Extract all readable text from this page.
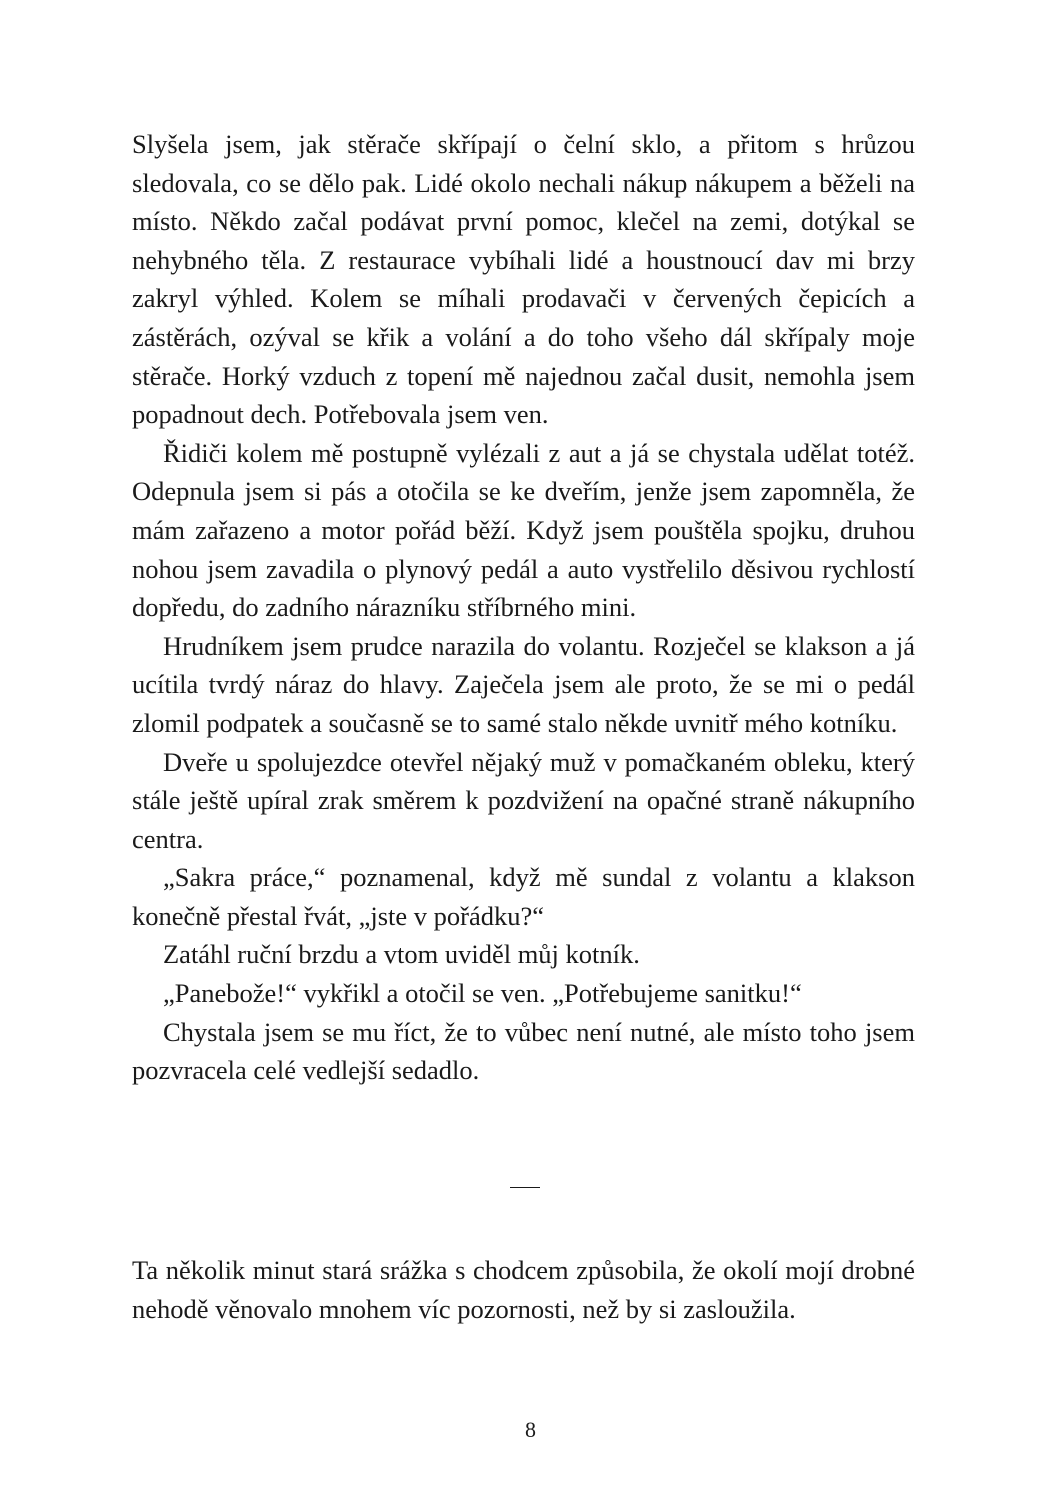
Slyšela jsem, jak stěrače skřípají o čelní sklo, a přitom s hrůzou sledovala, co se dělo pak. Lidé okolo nechali nákup nákupem a běželi na místo. Někdo začal podávat první pomoc, klečel na zemi, dotýkal se nehybného těla. Z restaurace vybíhali lidé a houstnoucí dav mi brzy zakryl výhled. Kolem se míhali prodavači v červených čepicích a zástěrách, ozýval se křik a volání a do toho všeho dál skřípaly moje stěrače. Horký vzduch z topení mě najednou začal dusit, nemohla jsem popadnout dech. Potřebovala jsem ven.

Řidiči kolem mě postupně vylézali z aut a já se chystala udělat totéž. Odepnula jsem si pás a otočila se ke dveřím, jenže jsem zapomněla, že mám zařazeno a motor pořád běží. Když jsem pouštěla spojku, druhou nohou jsem zavadila o plynový pedál a auto vystřelilo děsivou rychlostí dopředu, do zadního nárazníku stříbrného mini.

Hrudníkem jsem prudce narazila do volantu. Rozječel se klakson a já ucítila tvrdý náraz do hlavy. Zaječela jsem ale proto, že se mi o pedál zlomil podpatek a současně se to samé stalo někde uvnitř mého kotníku.

Dveře u spolujezdce otevřel nějaký muž v pomačkaném obleku, který stále ještě upíral zrak směrem k pozdvižení na opačné straně nákupního centra.

„Sakra práce,“ poznamenal, když mě sundal z volantu a klakson konečně přestal řvát, „jste v pořádku?“

Zatáhl ruční brzdu a vtom uviděl můj kotník.

„Panebože!“ vykřikl a otočil se ven. „Potřebujeme sanitku!“

Chystala jsem se mu říct, že to vůbec není nutné, ale místo toho jsem pozvracela celé vedlejší sedadlo.

Ta několik minut stará srážka s chodcem způsobila, že okolí mojí drobné nehodě věnovalo mnohem víc pozornosti, než by si zasloužila.

8
